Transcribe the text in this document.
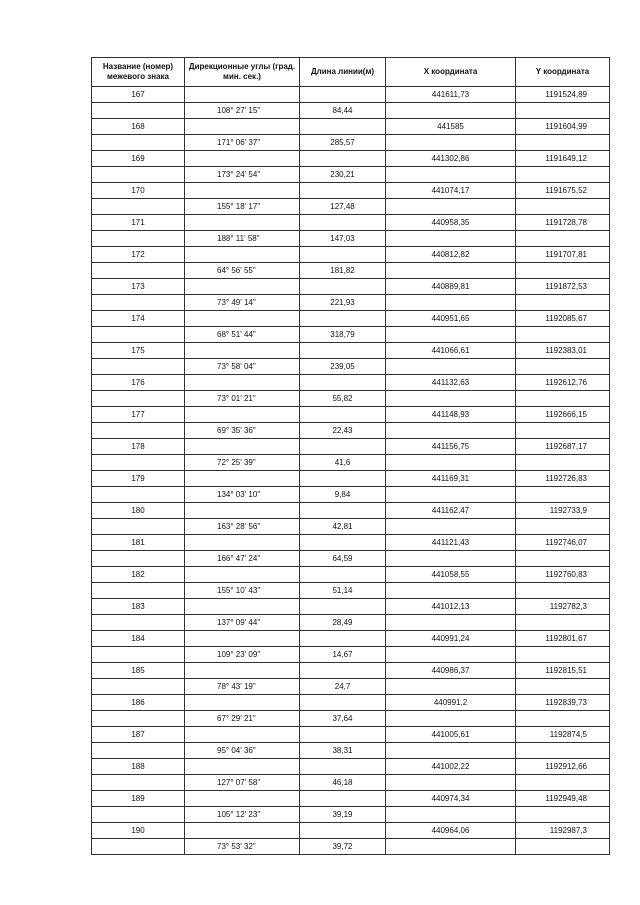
Название (номер) межевого знака	Дирекционные углы (град. мин. сек.)	Длина линии(м)	X координата	Y координата
167			441611,73	1191524,89
	108° 27' 15"	84,44		
168			441585	1191604,99
	171° 06' 37"	285,57		
169			441302,86	1191649,12
	173° 24' 54"	230,21		
170			441074,17	1191675,52
	155° 18' 17"	127,48		
171			440958,35	1191728,78
	188° 11' 58"	147,03		
172			440812,82	1191707,81
	64° 56' 55"	181,82		
173			440889,81	1191872,53
	73° 49' 14"	221,93		
174			440951,65	1192085,67
	68° 51' 44"	318,79		
175			441066,61	1192383,01
	73° 58' 04"	239,05		
176			441132,63	1192612,76
	73° 01' 21"	55,82		
177			441148,93	1192666,15
	69° 35' 36"	22,43		
178			441156,75	1192687,17
	72° 25' 39"	41,6		
179			441169,31	1192726,83
	134° 03' 10"	9,84		
180			441162,47	1192733,9
	163° 28' 56"	42,81		
181			441121,43	1192746,07
	166° 47' 24"	64,59		
182			441058,55	1192760,83
	155° 10' 43"	51,14		
183			441012,13	1192782,3
	137° 09' 44"	28,49		
184			440991,24	1192801,67
	109° 23' 09"	14,67		
185			440986,37	1192815,51
	78° 43' 19"	24,7		
186			440991,2	1192839,73
	67° 29' 21"	37,64		
187			441005,61	1192874,5
	95° 04' 36"	38,31		
188			441002,22	1192912,66
	127° 07' 58"	46,18		
189			440974,34	1192949,48
	105° 12' 23"	39,19		
190			440964,06	1192987,3
	73° 53' 32"	39,72		
